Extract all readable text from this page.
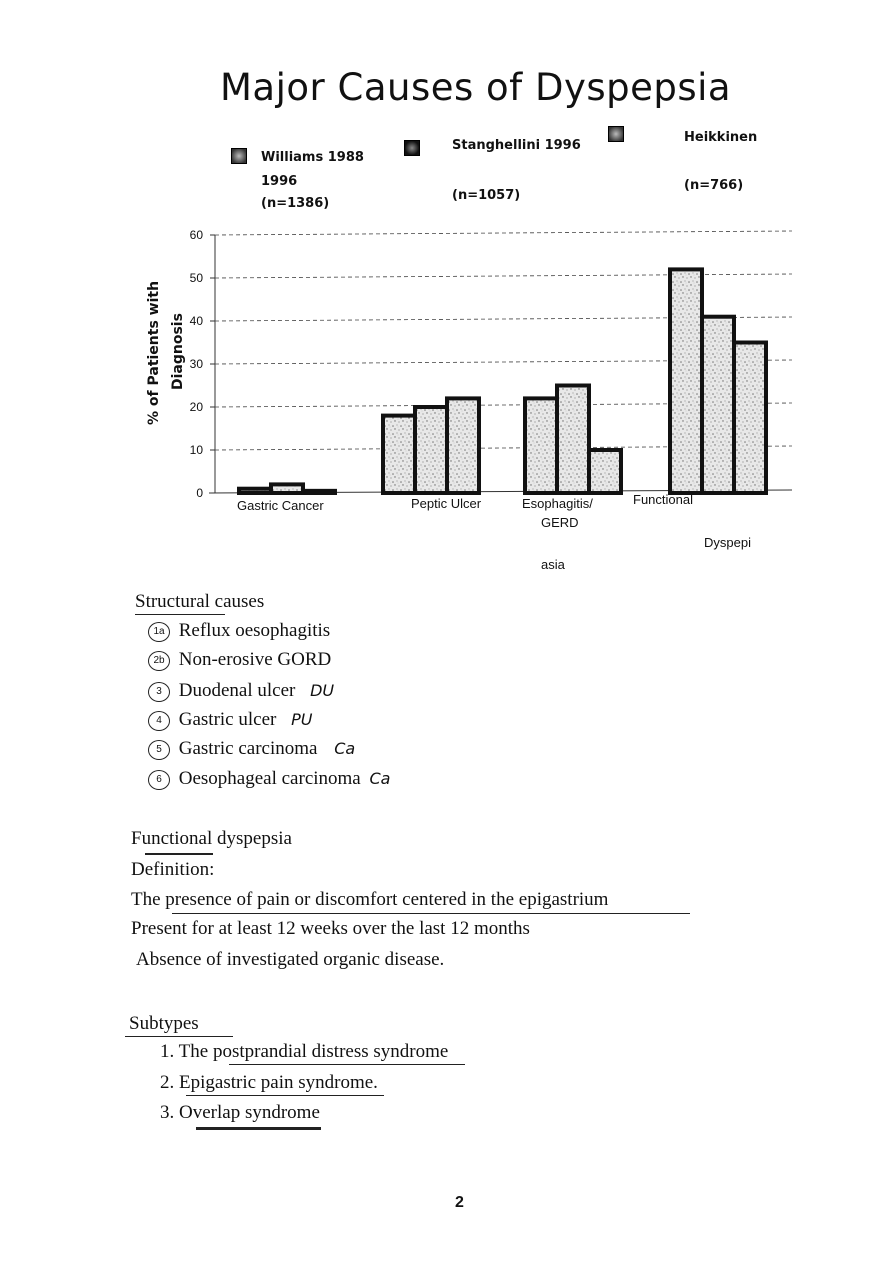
Major Causes of Dyspepsia
Williams 1988
1996
(n=1386)
Stanghellini 1996
(n=1057)
Heikkinen
(n=766)
% of Patients with Diagnosis
60
50
40
30
20
10
0
Gastric Cancer	Peptic Ulcer	Esophagitis/
GERD
Functional
Dyspepi
asia
Structural causes
1a Reflux oesophagitis
2b Non-erosive GORD
3 Duodenal ulcer DU
4 Gastric ulcer PU
5 Gastric carcinoma Ca
6 Oesophageal carcinoma Ca
Functional dyspepsia
Definition:
The presence of pain or discomfort centered in the epigastrium
Present for at least 12 weeks over the last 12 months
Absence of investigated organic disease.
Subtypes
1. The postprandial distress syndrome
2. Epigastric pain syndrome.
3. Overlap syndrome
2
